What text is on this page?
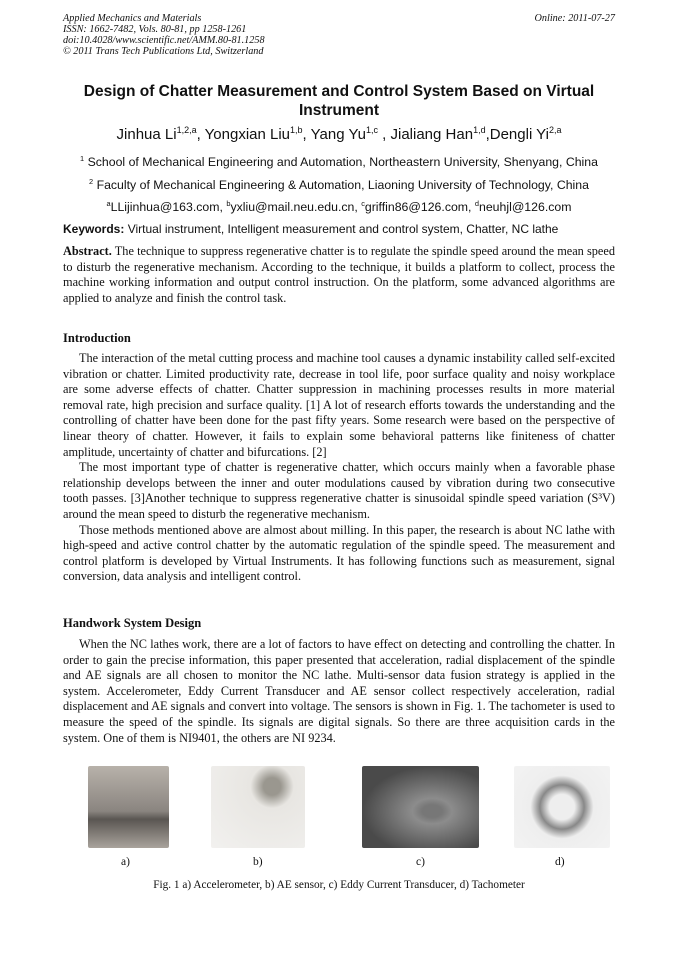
Applied Mechanics and Materials
ISSN: 1662-7482, Vols. 80-81, pp 1258-1261
doi:10.4028/www.scientific.net/AMM.80-81.1258
© 2011 Trans Tech Publications Ltd, Switzerland
Online: 2011-07-27
Design of Chatter Measurement and Control System Based on Virtual Instrument
Jinhua Li$^{1,2,a}$, Yongxian Liu$^{1,b}$, Yang Yu$^{1,c}$ , Jialiang Han$^{1,d}$,Dengli Yi$^{2,a}$
$^1$ School of Mechanical Engineering and Automation, Northeastern University, Shenyang, China
$^2$ Faculty of Mechanical Engineering & Automation, Liaoning University of Technology, China
$^a$LLijinhua@163.com, $^b$yxliu@mail.neu.edu.cn, $^c$griffin86@126.com, $^d$neuhjl@126.com
Keywords: Virtual instrument, Intelligent measurement and control system, Chatter, NC lathe

Abstract. The technique to suppress regenerative chatter is to regulate the spindle speed around the mean speed to disturb the regenerative mechanism. According to the technique, it builds a platform to collect, process the machine working information and output control instruction. On the platform, some advanced algorithms are applied to analyze and finish the control task.

Introduction

The interaction of the metal cutting process and machine tool causes a dynamic instability called self-excited vibration or chatter. Limited productivity rate, decrease in tool life, poor surface quality and noisy workplace are some adverse effects of chatter. Chatter suppression in machining processes results in more material removal rate, high precision and surface quality. [1] A lot of research efforts towards the understanding and the controlling of chatter have been done for the past fifty years. Some research were based on the perspective of linear theory of chatter. However, it fails to explain some behavioral patterns like finiteness of chatter amplitude, uncertainty of chatter and bifurcations. [2]

The most important type of chatter is regenerative chatter, which occurs mainly when a favorable phase relationship develops between the inner and outer modulations caused by vibration during two consecutive tooth passes. [3]Another technique to suppress regenerative chatter is sinusoidal spindle speed variation (S³V) around the mean speed to disturb the regenerative mechanism.

Those methods mentioned above are almost about milling. In this paper, the research is about NC lathe with high-speed and active control chatter by the automatic regulation of the spindle speed. The measurement and control platform is developed by Virtual Instruments. It has following functions such as measurement, signal conversion, data analysis and intelligent control.

Handwork System Design

When the NC lathes work, there are a lot of factors to have effect on detecting and controlling the chatter. In order to gain the precise information, this paper presented that acceleration, radial displacement of the spindle and AE signals are all chosen to monitor the NC lathe. Multi-sensor data fusion strategy is applied in the system. Accelerometer, Eddy Current Transducer and AE sensor collect respectively acceleration, radial displacement and AE signals and convert into voltage. The sensors is shown in Fig. 1. The tachometer is used to measure the speed of the spindle. Its signals are digital signals. So there are three acquisition cards in the system. One of them is NI9401, the others are NI 9234.

a)	b)	c)	d)
Fig. 1 a) Accelerometer, b) AE sensor, c) Eddy Current Transducer, d) Tachometer
